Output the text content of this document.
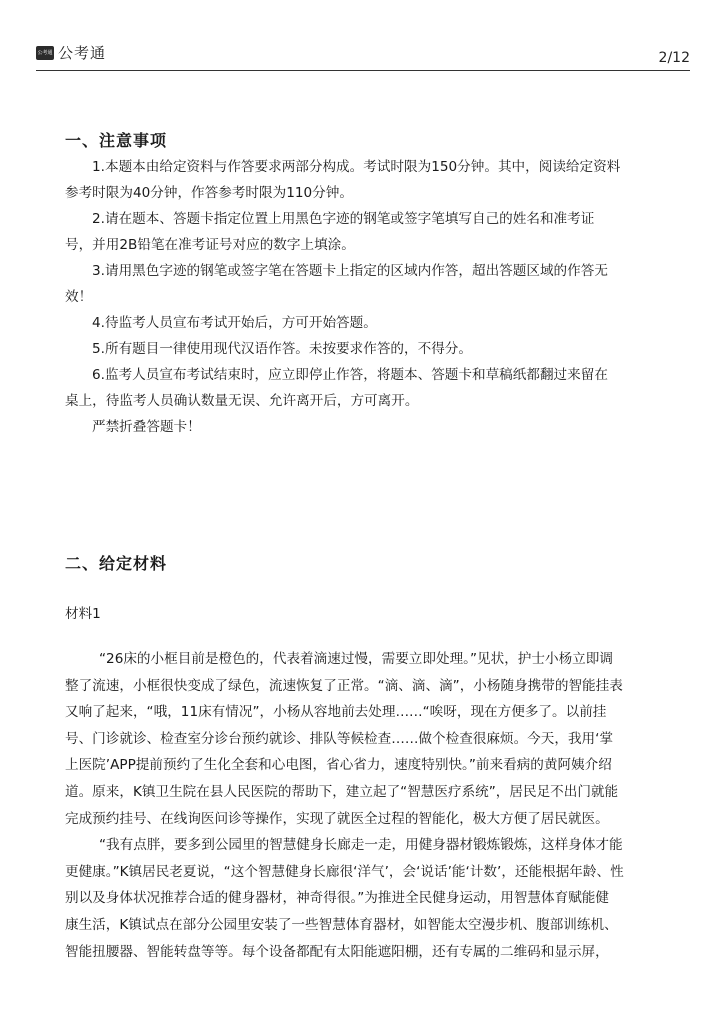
公考通 公考通	2/12
一、注意事项

1.本题本由给定资料与作答要求两部分构成。考试时限为150分钟。其中，阅读给定资料

参考时限为40分钟，作答参考时限为110分钟。

2.请在题本、答题卡指定位置上用黑色字迹的钢笔或签字笔填写自己的姓名和准考证

号，并用2B铅笔在准考证号对应的数字上填涂。

3.请用黑色字迹的钢笔或签字笔在答题卡上指定的区域内作答，超出答题区域的作答无

效！

4.待监考人员宣布考试开始后，方可开始答题。

5.所有题目一律使用现代汉语作答。未按要求作答的，不得分。

6.监考人员宣布考试结束时，应立即停止作答，将题本、答题卡和草稿纸都翻过来留在

桌上，待监考人员确认数量无误、允许离开后，方可离开。

严禁折叠答题卡！

二、给定材料
材料1

“26床的小框目前是橙色的，代表着滴速过慢，需要立即处理。”见状，护士小杨立即调

整了流速，小框很快变成了绿色，流速恢复了正常。“滴、滴、滴”，小杨随身携带的智能挂表

又响了起来，“哦，11床有情况”，小杨从容地前去处理……“唉呀，现在方便多了。以前挂

号、门诊就诊、检查室分诊台预约就诊、排队等候检查……做个检查很麻烦。今天，我用‘掌

上医院’APP提前预约了生化全套和心电图，省心省力，速度特别快。”前来看病的黄阿姨介绍

道。原来，K镇卫生院在县人民医院的帮助下，建立起了“智慧医疗系统”，居民足不出门就能

完成预约挂号、在线询医问诊等操作，实现了就医全过程的智能化，极大方便了居民就医。

“我有点胖，要多到公园里的智慧健身长廊走一走，用健身器材锻炼锻炼，这样身体才能

更健康。”K镇居民老夏说，“这个智慧健身长廊很‘洋气’，会‘说话’能‘计数’，还能根据年龄、性

别以及身体状况推荐合适的健身器材，神奇得很。”为推进全民健身运动，用智慧体育赋能健

康生活，K镇试点在部分公园里安装了一些智慧体育器材，如智能太空漫步机、腹部训练机、

智能扭腰器、智能转盘等等。每个设备都配有太阳能遮阳棚，还有专属的二维码和显示屏，
